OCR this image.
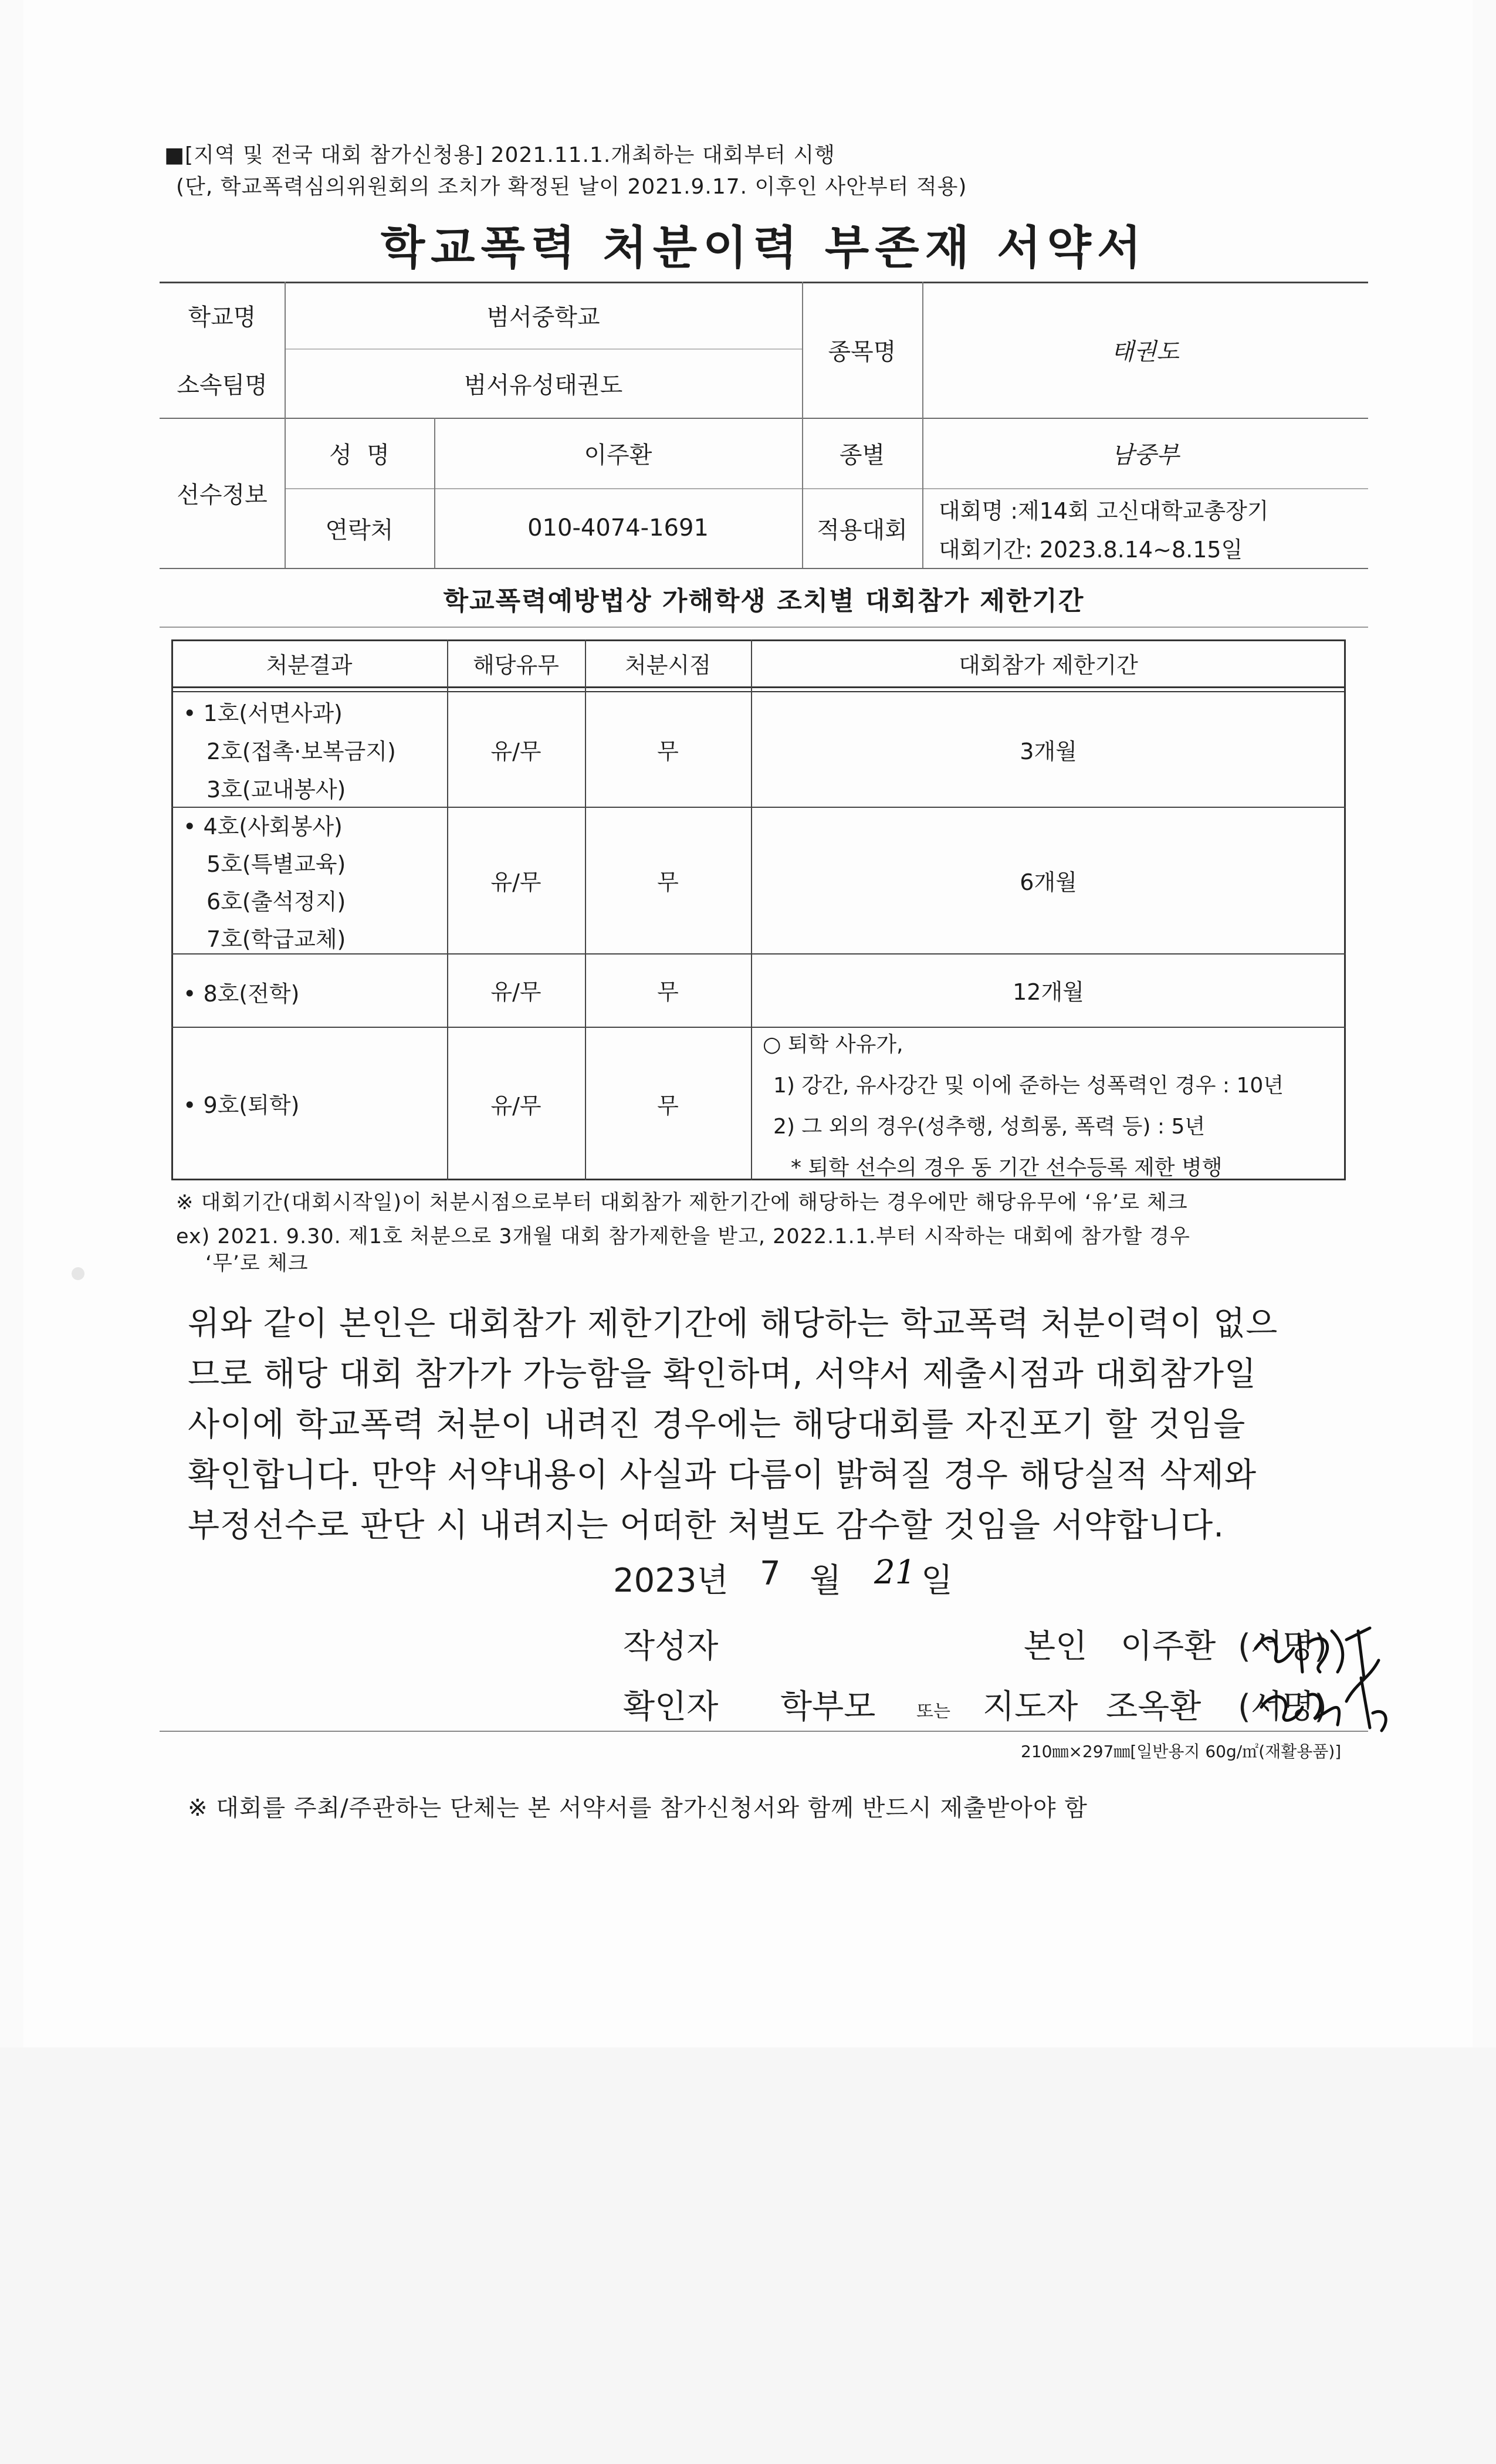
■[지역 및 전국 대회 참가신청용] 2021.11.1.개최하는 대회부터 시행
(단, 학교폭력심의위원회의 조치가 확정된 날이 2021.9.17. 이후인 사안부터 적용)
학교폭력 처분이력 부존재 서약서
학교명	범서중학교
소속팀명	범서유성태권도
종목명	태권도
선수정보
성  명	이주환	종별	남중부
연락처	010-4074-1691	적용대회
대회명 :제14회 고신대학교총장기
대회기간: 2023.8.14~8.15일
학교폭력예방법상 가해학생 조치별 대회참가 제한기간
처분결과	해당유무	처분시점	대회참가 제한기간
• 1호(서면사과)
2호(접촉·보복금지)
3호(교내봉사)
유/무	무	3개월
• 4호(사회봉사)
5호(특별교육)
6호(출석정지)
7호(학급교체)
유/무	무	6개월
• 8호(전학)	유/무	무	12개월
• 9호(퇴학)	유/무	무
○ 퇴학 사유가,
1) 강간, 유사강간 및 이에 준하는 성폭력인 경우 : 10년
2) 그 외의 경우(성추행, 성희롱, 폭력 등) : 5년
* 퇴학 선수의 경우 동 기간 선수등록 제한 병행
※ 대회기간(대회시작일)이 처분시점으로부터 대회참가 제한기간에 해당하는 경우에만 해당유무에 ‘유’로 체크
ex) 2021. 9.30. 제1호 처분으로 3개월 대회 참가제한을 받고, 2022.1.1.부터 시작하는 대회에 참가할 경우
‘무’로 체크
위와 같이 본인은 대회참가 제한기간에 해당하는 학교폭력 처분이력이 없으
므로 해당 대회 참가가 가능함을 확인하며, 서약서 제출시점과 대회참가일
사이에 학교폭력 처분이 내려진 경우에는 해당대회를 자진포기 할 것임을
확인합니다. 만약 서약내용이 사실과 다름이 밝혀질 경우 해당실적 삭제와
부정선수로 판단 시 내려지는 어떠한 처벌도 감수할 것임을 서약합니다.
2023년 7 월 21 일
작성자	본인 이주환 (서명)
확인자 학부모 또는 지도자 조옥환 (서명)
210㎜×297㎜[일반용지 60g/㎡(재활용품)]
※ 대회를 주최/주관하는 단체는 본 서약서를 참가신청서와 함께 반드시 제출받아야 함
